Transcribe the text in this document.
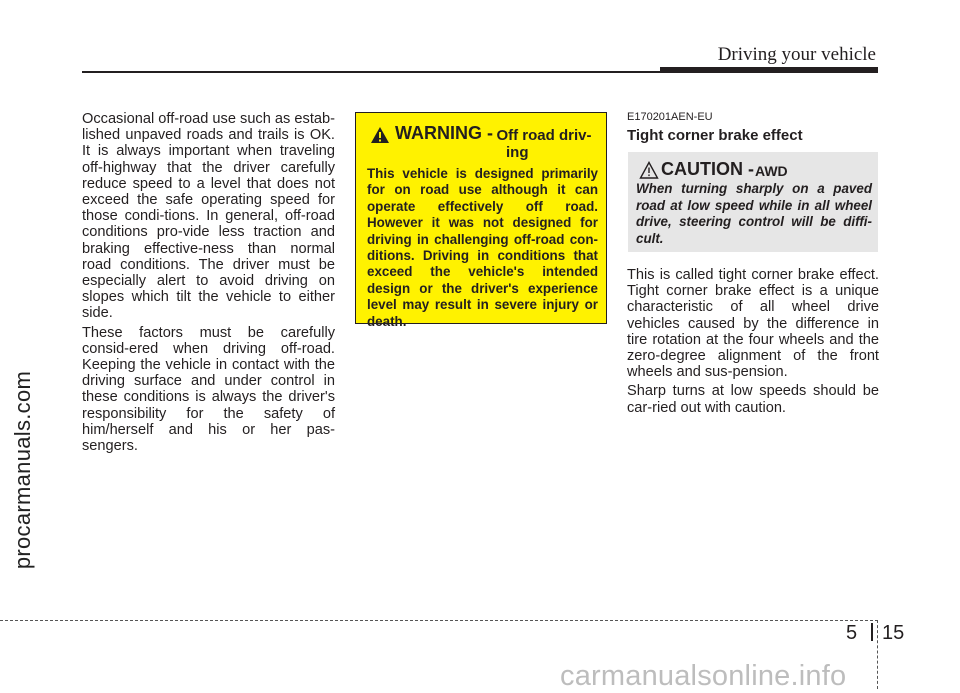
Driving your vehicle
procarmanuals.com

Occasional off-road use such as estab-lished unpaved roads and trails is OK. It is always important when traveling off-highway that the driver carefully reduce speed to a level that does not exceed the safe operating speed for those condi-tions. In general, off-road conditions pro-vide less traction and braking effective-ness than normal road conditions. The driver must be especially alert to avoid driving on slopes which tilt the vehicle to either side.

These factors must be carefully consid-ered when driving off-road. Keeping the vehicle in contact with the driving surface and under control in these conditions is always the driver's responsibility for the safety of him/herself and his or her pas-sengers.

WARNING - Off road driv-
ing
This vehicle is designed primarily for on road use although it can operate effectively off road. However it was not designed for driving in challenging off-road con-ditions. Driving in conditions that exceed the vehicle's intended design or the driver's experience level may result in severe injury or death.
E170201AEN-EU
Tight corner brake effect
CAUTION - AWD
When turning sharply on a paved road at low speed while in all wheel drive, steering control will be diffi-cult.

This is called tight corner brake effect. Tight corner brake effect is a unique characteristic of all wheel drive vehicles caused by the difference in tire rotation at the four wheels and the zero-degree alignment of the front wheels and sus-pension.

Sharp turns at low speeds should be car-ried out with caution.

5 15
carmanualsonline.info
